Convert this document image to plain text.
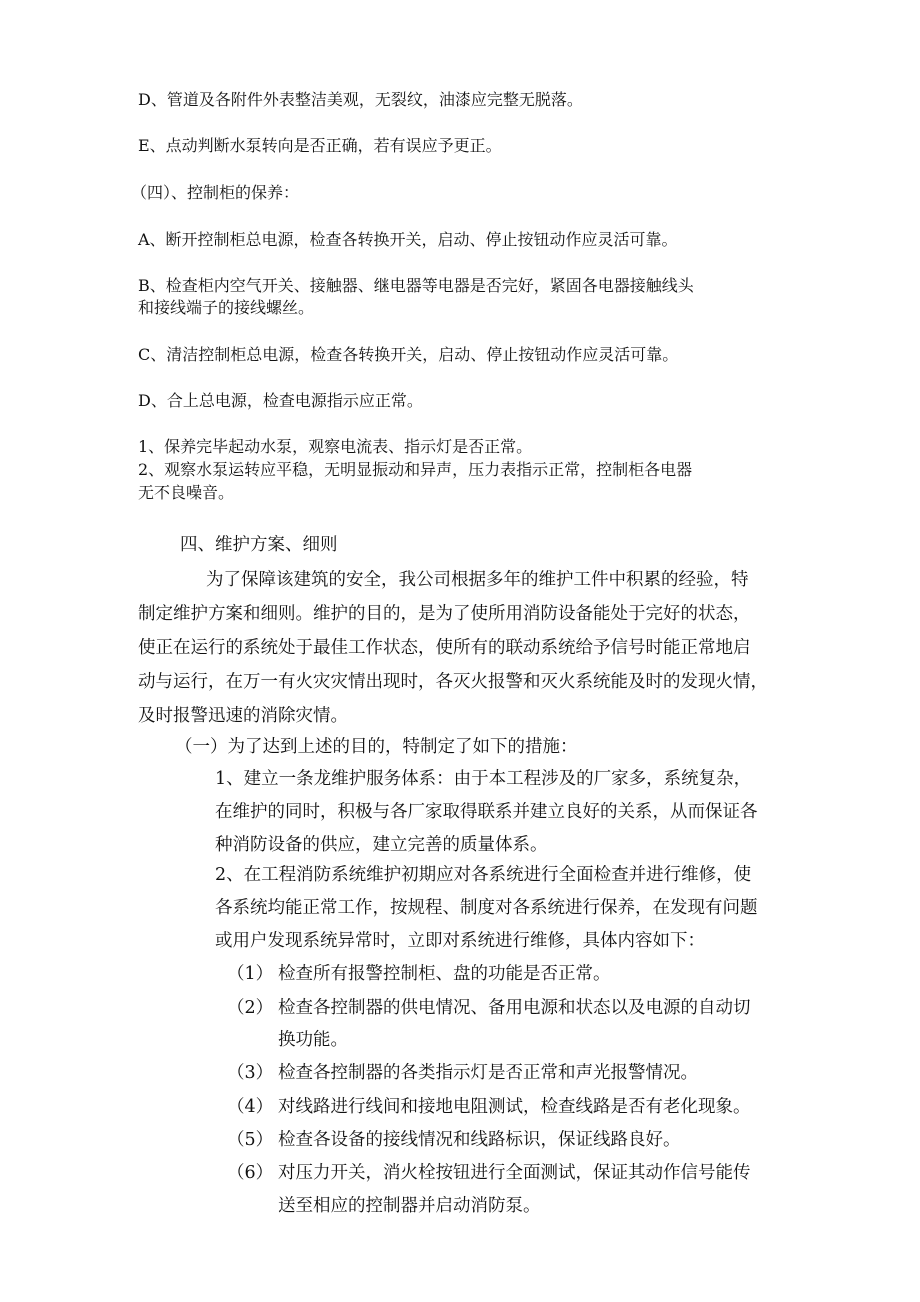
D、管道及各附件外表整洁美观，无裂纹，油漆应完整无脱落。

E、点动判断水泵转向是否正确，若有误应予更正。

（四）、控制柜的保养：

A、断开控制柜总电源，检查各转换开关，启动、停止按钮动作应灵活可靠。

B、检查柜内空气开关、接触器、继电器等电器是否完好，紧固各电器接触线头

和接线端子的接线螺丝。

C、清洁控制柜总电源，检查各转换开关，启动、停止按钮动作应灵活可靠。

D、合上总电源，检查电源指示应正常。

1、保养完毕起动水泵，观察电流表、指示灯是否正常。

2、观察水泵运转应平稳，无明显振动和异声，压力表指示正常，控制柜各电器

无不良噪音。

四、维护方案、细则

为了保障该建筑的安全，我公司根据多年的维护工件中积累的经验，特

制定维护方案和细则。维护的目的，是为了使所用消防设备能处于完好的状态，

使正在运行的系统处于最佳工作状态，使所有的联动系统给予信号时能正常地启

动与运行，在万一有火灾灾情出现时，各灭火报警和灭火系统能及时的发现火情，

及时报警迅速的消除灾情。

（一）为了达到上述的目的，特制定了如下的措施：

1、建立一条龙维护服务体系：由于本工程涉及的厂家多，系统复杂，

在维护的同时，积极与各厂家取得联系并建立良好的关系，从而保证各

种消防设备的供应，建立完善的质量体系。

2、在工程消防系统维护初期应对各系统进行全面检查并进行维修，使

各系统均能正常工作，按规程、制度对各系统进行保养，在发现有问题

或用户发现系统异常时，立即对系统进行维修，具体内容如下：

（1） 检查所有报警控制柜、盘的功能是否正常。

（2） 检查各控制器的供电情况、备用电源和状态以及电源的自动切

换功能。

（3） 检查各控制器的各类指示灯是否正常和声光报警情况。

（4） 对线路进行线间和接地电阻测试，检查线路是否有老化现象。

（5） 检查各设备的接线情况和线路标识，保证线路良好。

（6） 对压力开关，消火栓按钮进行全面测试，保证其动作信号能传

送至相应的控制器并启动消防泵。
